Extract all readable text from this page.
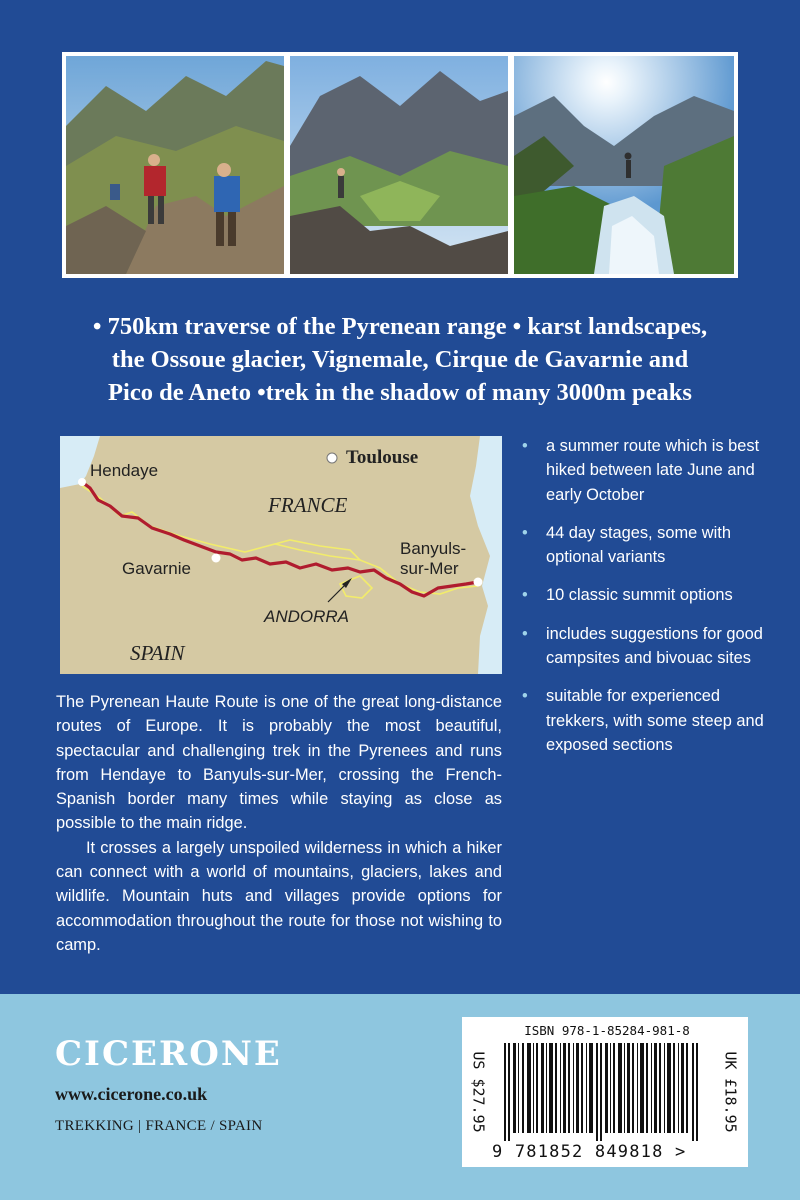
• 750km traverse of the Pyrenean range • karst landscapes,
the Ossoue glacier, Vignemale, Cirque de Gavarnie and
Pico de Aneto •trek in the shadow of many 3000m peaks
Hendaye
Toulouse
FRANCE
Gavarnie
Banyuls-
sur-Mer
ANDORRA
SPAIN

The Pyrenean Haute Route is one of the great long-distance routes of Europe. It is probably the most beautiful, spectacular and challenging trek in the Pyrenees and runs from Hendaye to Banyuls-sur-Mer, crossing the French-Spanish border many times while staying as close as possible to the main ridge.

It crosses a largely unspoiled wilderness in which a hiker can connect with a world of mountains, glaciers, lakes and wildlife. Mountain huts and villages provide options for accommodation throughout the route for those not wishing to camp.

• a summer route which is best hiked between late June and early October
• 44 day stages, some with optional variants
• 10 classic summit options
• includes suggestions for good campsites and bivouac sites
• suitable for experienced trekkers, with some steep and exposed sections
CICERONE
www.cicerone.co.uk
TREKKING | FRANCE / SPAIN	US $27.95	UK £18.95
ISBN 978-1-85284-981-8
9 781852 849818 >
